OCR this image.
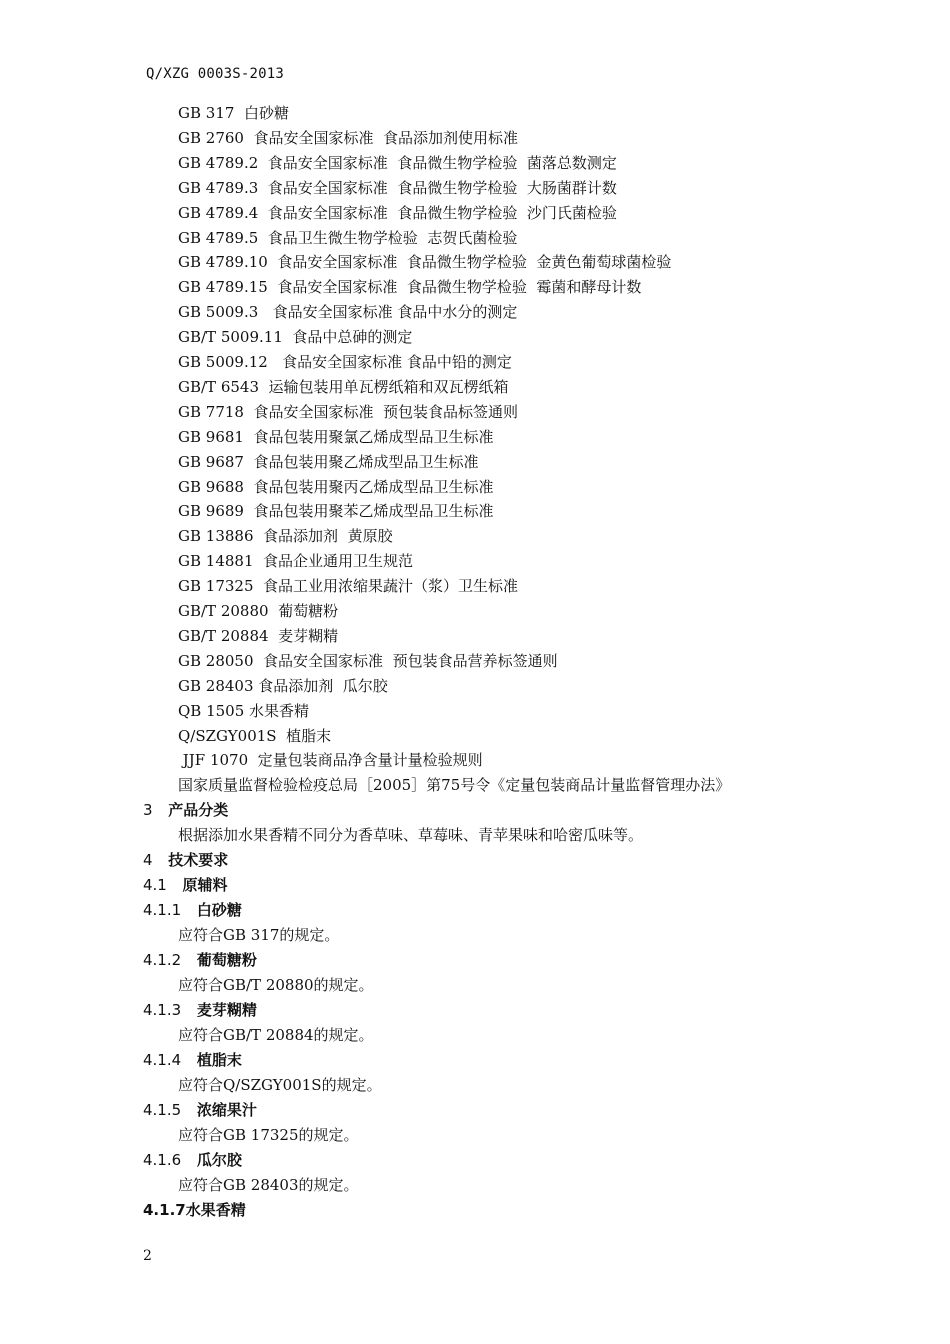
Q/XZG 0003S-2013
GB 317  白砂糖
GB 2760  食品安全国家标准  食品添加剂使用标准
GB 4789.2  食品安全国家标准  食品微生物学检验  菌落总数测定
GB 4789.3  食品安全国家标准  食品微生物学检验  大肠菌群计数
GB 4789.4  食品安全国家标准  食品微生物学检验  沙门氏菌检验
GB 4789.5  食品卫生微生物学检验  志贺氏菌检验
GB 4789.10  食品安全国家标准  食品微生物学检验  金黄色葡萄球菌检验
GB 4789.15  食品安全国家标准  食品微生物学检验  霉菌和酵母计数
GB 5009.3   食品安全国家标准 食品中水分的测定
GB/T 5009.11  食品中总砷的测定
GB 5009.12   食品安全国家标准 食品中铅的测定
GB/T 6543  运输包装用单瓦楞纸箱和双瓦楞纸箱
GB 7718  食品安全国家标准  预包装食品标签通则
GB 9681  食品包装用聚氯乙烯成型品卫生标准
GB 9687  食品包装用聚乙烯成型品卫生标准
GB 9688  食品包装用聚丙乙烯成型品卫生标准
GB 9689  食品包装用聚苯乙烯成型品卫生标准
GB 13886  食品添加剂  黄原胶
GB 14881  食品企业通用卫生规范
GB 17325  食品工业用浓缩果蔬汁（浆）卫生标准
GB/T 20880  葡萄糖粉
GB/T 20884  麦芽糊精
GB 28050  食品安全国家标准  预包装食品营养标签通则
GB 28403 食品添加剂  瓜尔胶
QB 1505 水果香精
Q/SZGY001S  植脂末
JJF 1070  定量包装商品净含量计量检验规则
国家质量监督检验检疫总局［2005］第75号令《定量包装商品计量监督管理办法》
3 产品分类
根据添加水果香精不同分为香草味、草莓味、青苹果味和哈密瓜味等。
4 技术要求
4.1 原辅料
4.1.1 白砂糖
应符合GB 317的规定。
4.1.2 葡萄糖粉
应符合GB/T 20880的规定。
4.1.3 麦芽糊精
应符合GB/T 20884的规定。
4.1.4 植脂末
应符合Q/SZGY001S的规定。
4.1.5 浓缩果汁
应符合GB 17325的规定。
4.1.6 瓜尔胶
应符合GB 28403的规定。
4.1.7水果香精
2
